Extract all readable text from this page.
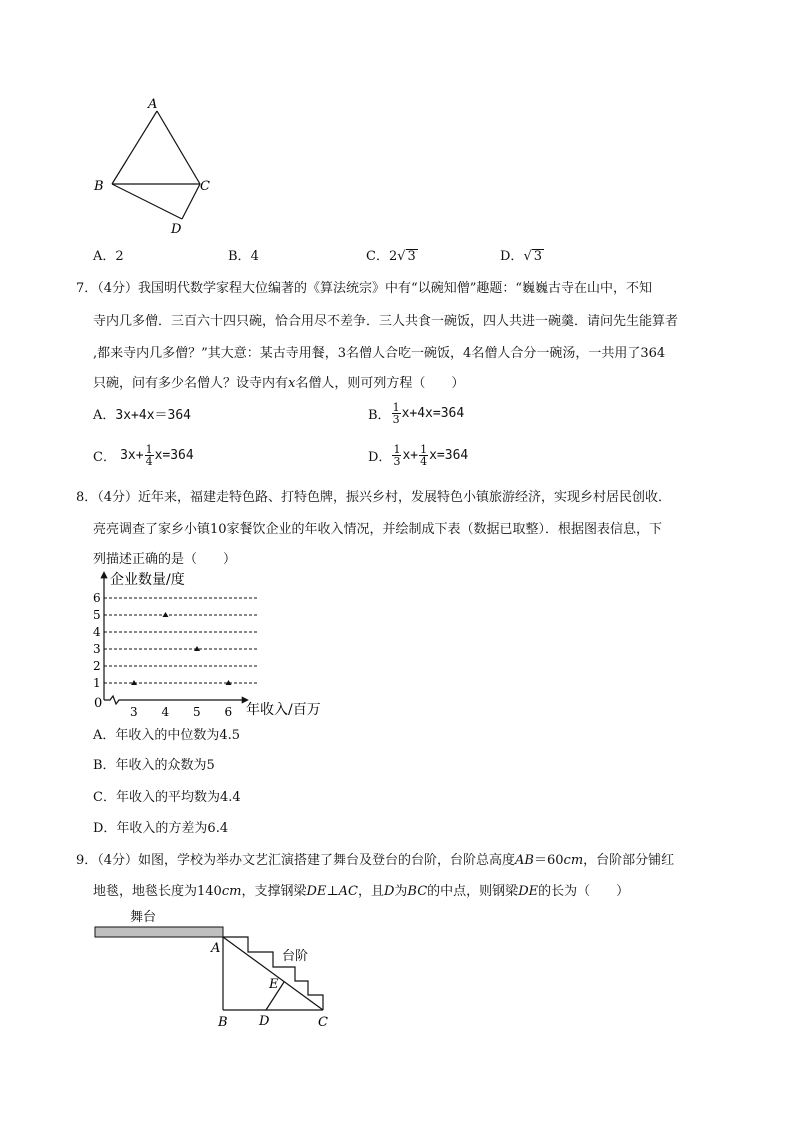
A
B	C
D
A．2	B．4	C．2√ 3	D．√ 3
7．（4分）我国明代数学家程大位编著的《算法统宗》中有“以碗知僧”趣题：“巍巍古寺在山中，不知
寺内几多僧．三百六十四只碗，恰合用尽不差争．三人共食一碗饭，四人共进一碗羹．请问先生能算者
,都来寺内几多僧？”其大意：某古寺用餐，3名僧人合吃一碗饭，4名僧人合分一碗汤，一共用了364
只碗，问有多少名僧人？设寺内有x名僧人，则可列方程（　　）
A．3x+4x＝364	B． $\frac{1}{3} x+4x=364$
C． $3x+ \frac{1}{4} x=364$	D． $\frac{1}{3} x+ \frac{1}{4} x=364$
8．（4分）近年来，福建走特色路、打特色牌，振兴乡村，发展特色小镇旅游经济，实现乡村居民创收．
亮亮调查了家乡小镇10家餐饮企业的年收入情况，并绘制成下表（数据已取整）．根据图表信息，下
列描述正确的是（　　）
企业数量/度
年收入/百万
0
1
2
3
4
5
6
3 4 5 6
A．年收入的中位数为4.5
B．年收入的众数为5
C．年收入的平均数为4.4
D．年收入的方差为6.4
9．（4分）如图，学校为举办文艺汇演搭建了舞台及登台的台阶，台阶总高度AB＝60cm，台阶部分铺红
地毯，地毯长度为140cm，支撑钢梁DE⊥AC，且D为BC的中点，则钢梁DE的长为（　　）
舞台
台阶
A
B D	C
E
